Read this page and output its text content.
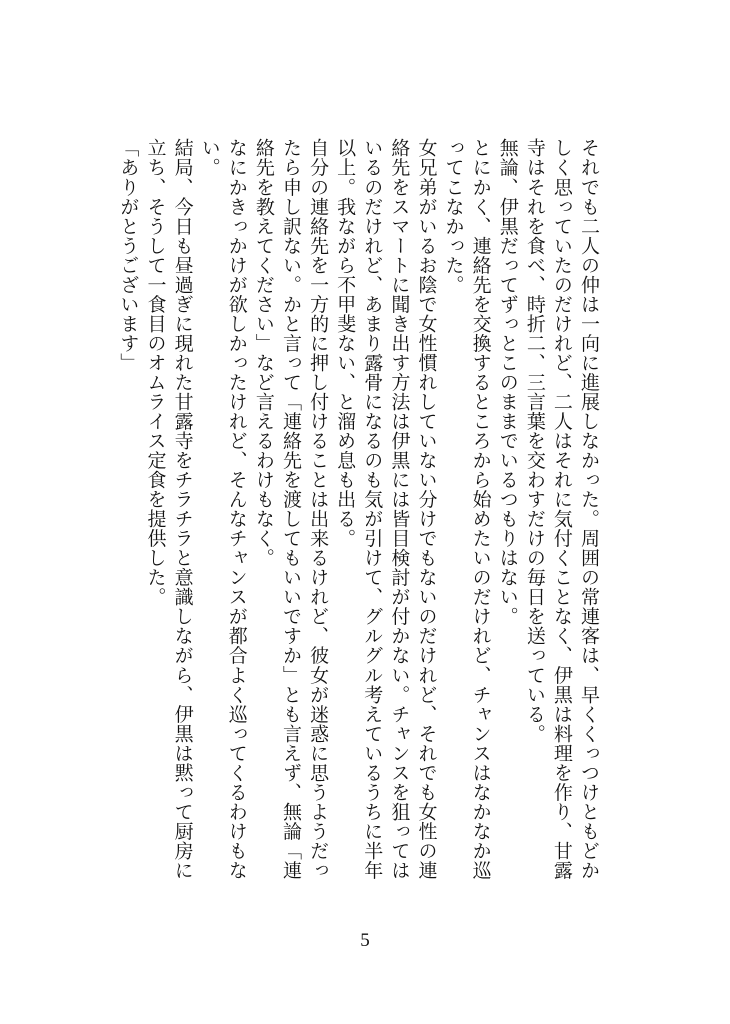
それでも二人の仲は一向に進展しなかった。周囲の常連客は、早くくっつけともどかしく思っていたのだけれど、二人はそれに気付くことなく、伊黒は料理を作り、甘露寺はそれを食べ、時折二、三言葉を交わすだけの毎日を送っている。

無論、伊黒だってずっとこのままでいるつもりはない。

とにかく、連絡先を交換するところから始めたいのだけれど、チャンスはなかなか巡ってこなかった。

女兄弟がいるお陰で女性慣れしていない分けでもないのだけれど、それでも女性の連絡先をスマートに聞き出す方法は伊黒には皆目検討が付かない。チャンスを狙ってはいるのだけれど、あまり露骨になるのも気が引けて、グルグル考えているうちに半年以上。我ながら不甲斐ない、と溜め息も出る。

自分の連絡先を一方的に押し付けることは出来るけれど、彼女が迷惑に思うようだったら申し訳ない。かと言って「連絡先を渡してもいいですか」とも言えず、無論「連絡先を教えてください」など言えるわけもなく。

なにかきっかけが欲しかったけれど、そんなチャンスが都合よく巡ってくるわけもない。

結局、今日も昼過ぎに現れた甘露寺をチラチラと意識しながら、伊黒は黙って厨房に立ち、そうして一食目のオムライス定食を提供した。

「ありがとうございます」

5
